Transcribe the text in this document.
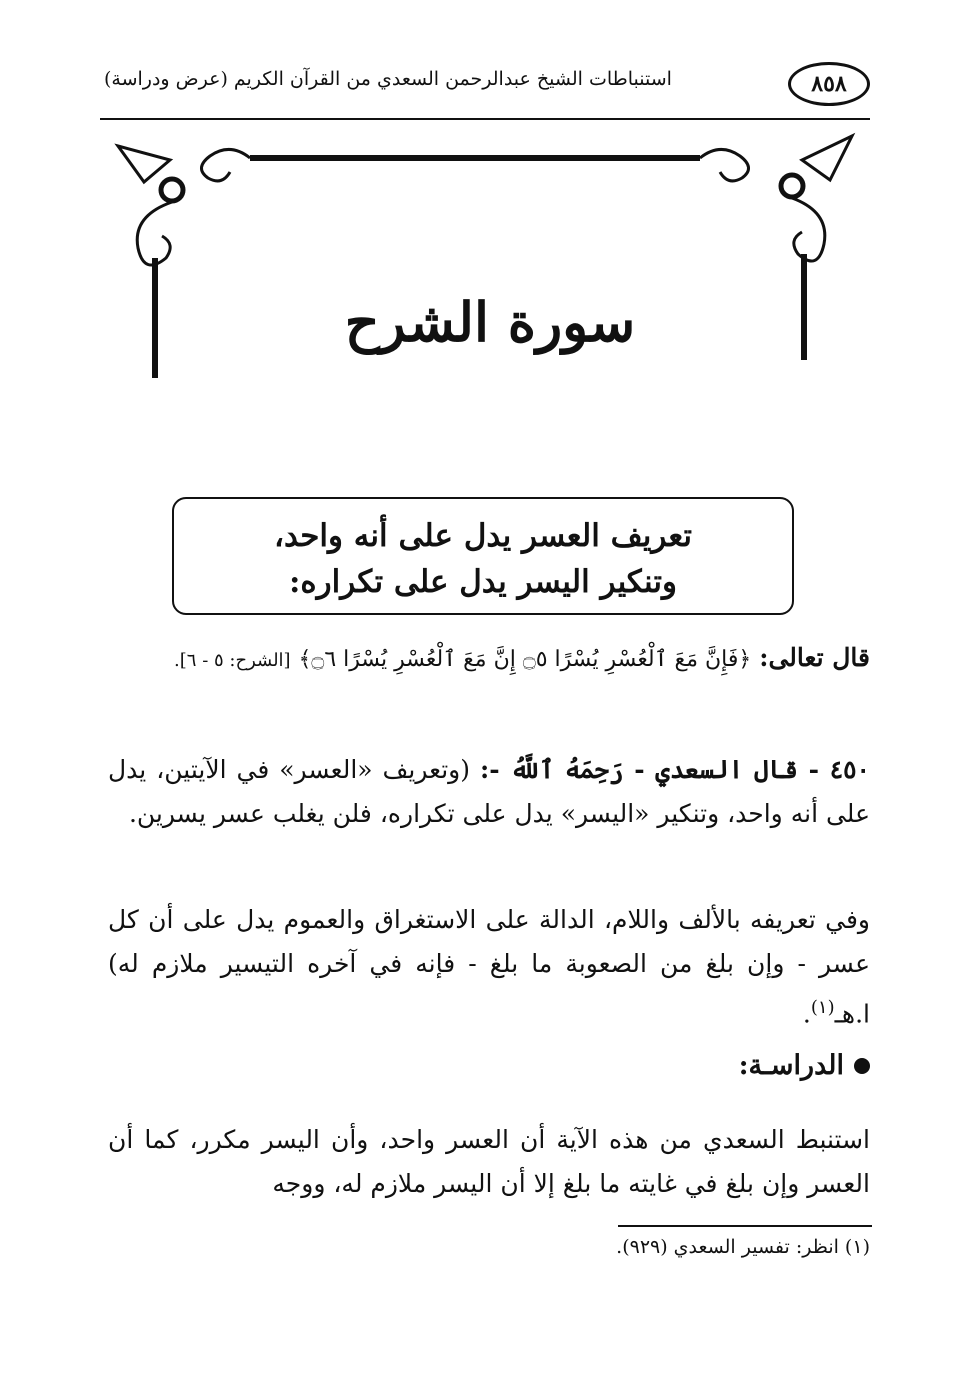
٨٥٨
استنباطات الشيخ عبدالرحمن السعدي من القرآن الكريم (عرض ودراسة)
سورة الشرح
تعريف العسر يدل على أنه واحد،
وتنكير اليسر يدل على تكراره:
قال تعالى: ﴿فَإِنَّ مَعَ ٱلْعُسْرِ يُسْرًا ۝٥ إِنَّ مَعَ ٱلْعُسْرِ يُسْرًا ۝٦﴾ [الشرح: ٥ - ٦].
٤٥٠ - قال السعدي - رَحِمَهُ ٱللَّهُ -: (وتعريف «العسر» في الآيتين، يدل على أنه واحد، وتنكير «اليسر» يدل على تكراره، فلن يغلب عسر يسرين.
وفي تعريفه بالألف واللام، الدالة على الاستغراق والعموم يدل على أن كل عسر - وإن بلغ من الصعوبة ما بلغ - فإنه في آخره التيسير ملازم له) ا.هـ$^{(١)}$.
الدراسـة:
استنبط السعدي من هذه الآية أن العسر واحد، وأن اليسر مكرر، كما أن العسر وإن بلغ في غايته ما بلغ إلا أن اليسر ملازم له، ووجه
(١) انظر: تفسير السعدي (٩٢٩).
